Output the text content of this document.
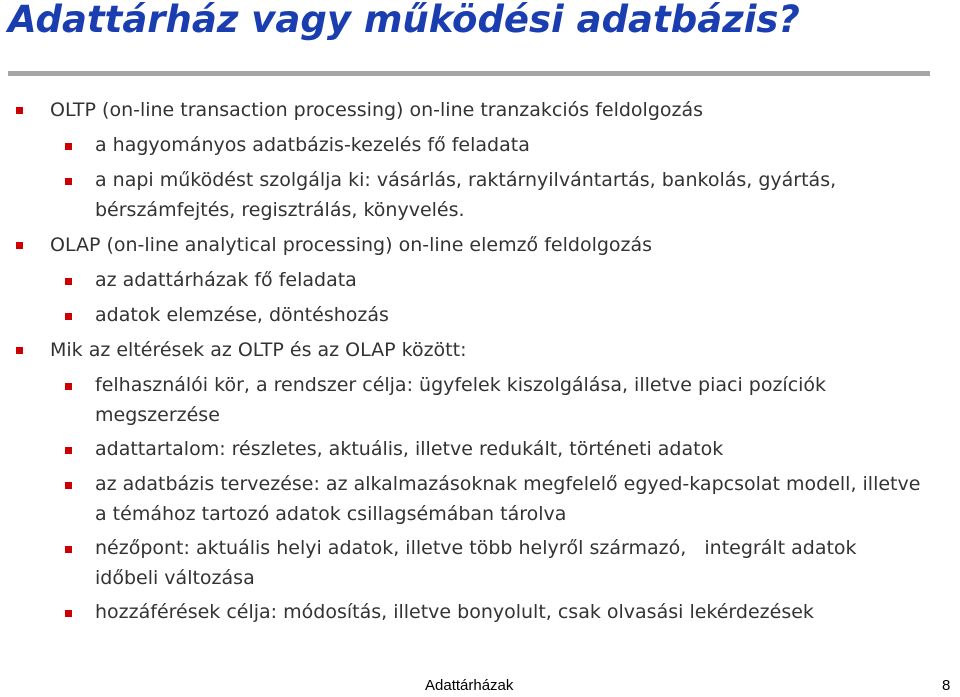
Adattárház vagy működési adatbázis?
OLTP (on-line transaction processing) on-line tranzakciós feldolgozás
a hagyományos adatbázis-kezelés fő feladata
a napi működést szolgálja ki: vásárlás, raktárnyilvántartás, bankolás, gyártás, bérszámfejtés, regisztrálás, könyvelés.
OLAP (on-line analytical processing) on-line elemző feldolgozás
az adattárházak fő feladata
adatok elemzése, döntéshozás
Mik az eltérések az OLTP és az OLAP között:
felhasználói kör, a rendszer célja: ügyfelek kiszolgálása, illetve piaci pozíciók megszerzése
adattartalom: részletes, aktuális, illetve redukált, történeti adatok
az adatbázis tervezése: az alkalmazásoknak megfelelő egyed-kapcsolat modell, illetve a témához tartozó adatok csillagsémában tárolva
nézőpont: aktuális helyi adatok, illetve több helyről származó,   integrált adatok időbeli változása
hozzáférések célja: módosítás, illetve bonyolult, csak olvasási lekérdezések
Adattárházak	8
